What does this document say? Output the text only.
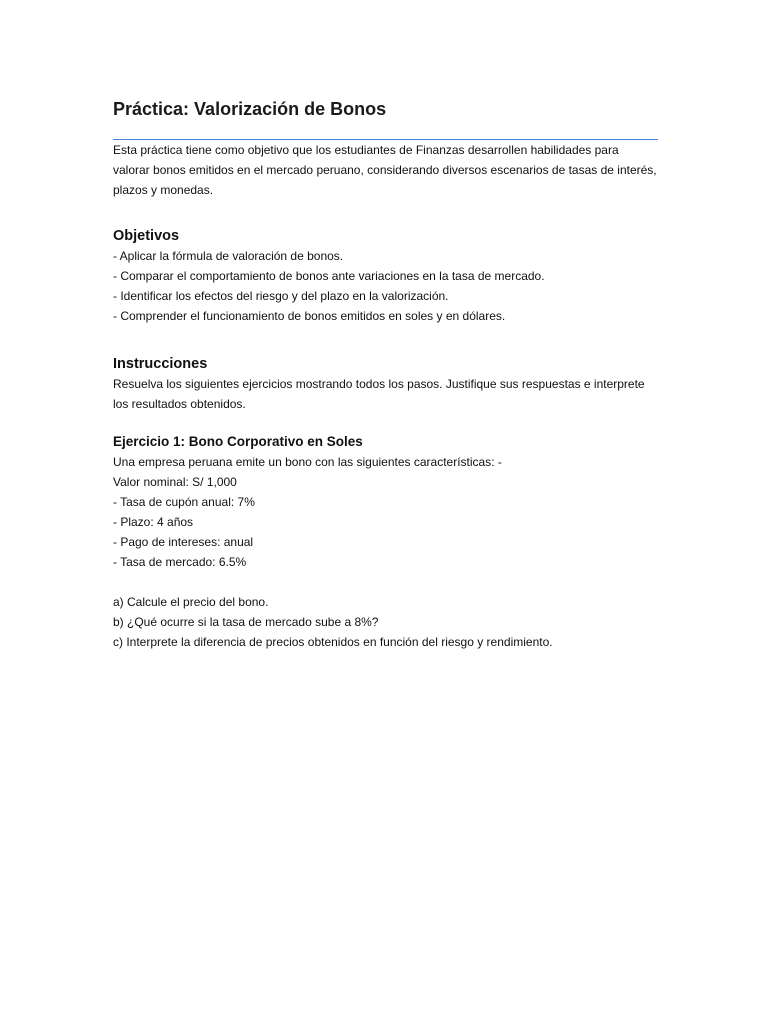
Práctica: Valorización de Bonos

Esta práctica tiene como objetivo que los estudiantes de Finanzas desarrollen habilidades para valorar bonos emitidos en el mercado peruano, considerando diversos escenarios de tasas de interés, plazos y monedas.

Objetivos
- Aplicar la fórmula de valoración de bonos.
- Comparar el comportamiento de bonos ante variaciones en la tasa de mercado.
- Identificar los efectos del riesgo y del plazo en la valorización.
- Comprender el funcionamiento de bonos emitidos en soles y en dólares.
Instrucciones

Resuelva los siguientes ejercicios mostrando todos los pasos. Justifique sus respuestas e interprete los resultados obtenidos.

Ejercicio 1: Bono Corporativo en Soles
Una empresa peruana emite un bono con las siguientes características: -
Valor nominal: S/ 1,000
- Tasa de cupón anual: 7%
- Plazo: 4 años
- Pago de intereses: anual
- Tasa de mercado: 6.5%
a) Calcule el precio del bono.
b) ¿Qué ocurre si la tasa de mercado sube a 8%?
c) Interprete la diferencia de precios obtenidos en función del riesgo y rendimiento.
